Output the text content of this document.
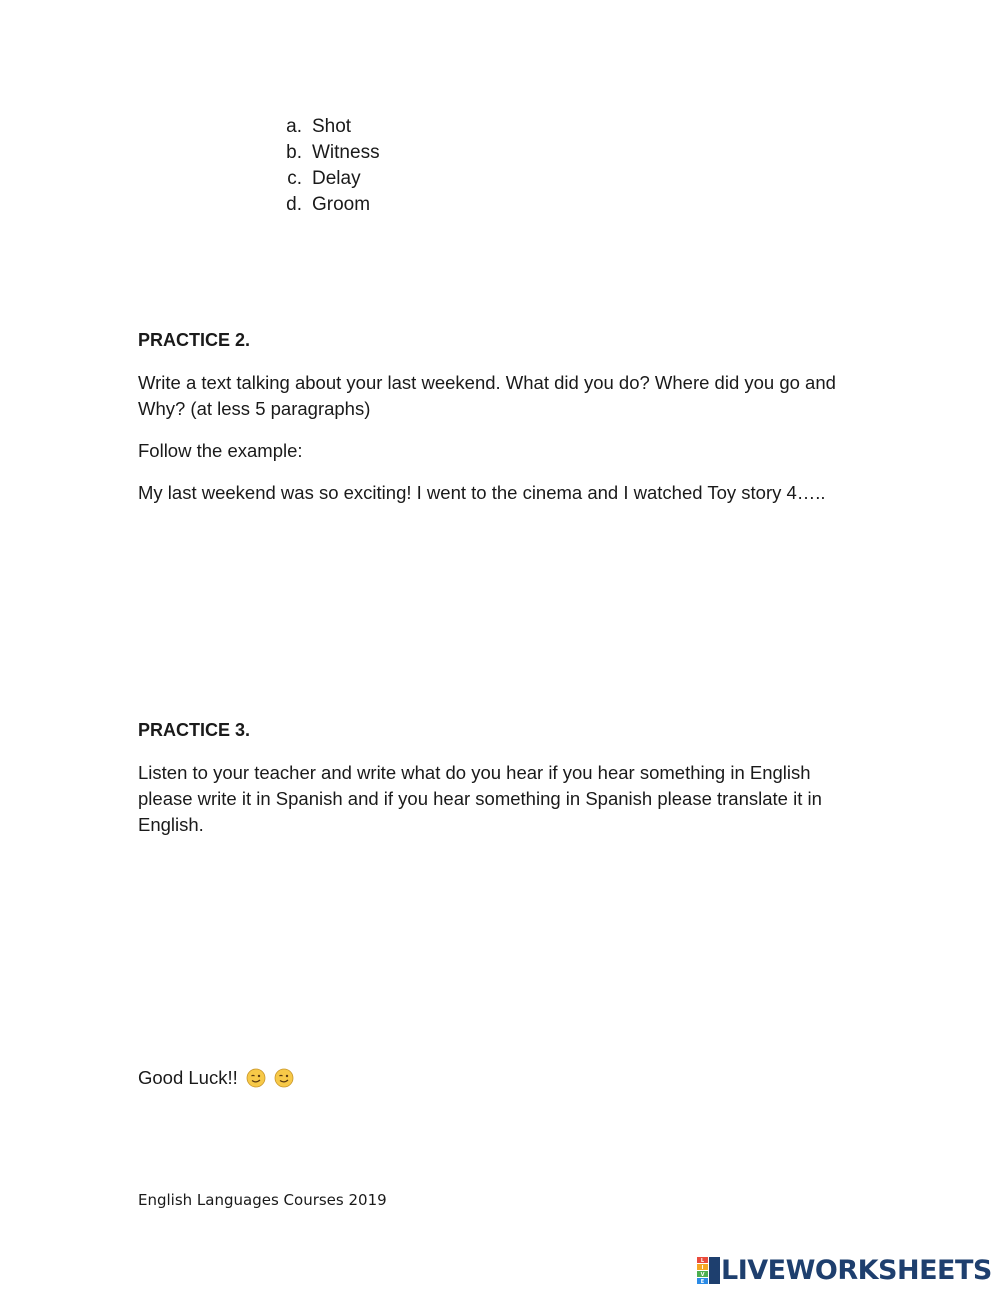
a. Shot
b. Witness
c. Delay
d. Groom
PRACTICE 2.
Write a text talking about your last weekend. What did you do? Where did you go and Why? (at less 5 paragraphs)
Follow the example:
My last weekend was so exciting! I went to the cinema and I watched Toy story 4…..
PRACTICE 3.
Listen to your teacher and write what do you hear if you hear something in English please write it in Spanish and if you hear something in Spanish please translate it in English.
Good Luck!!
English Languages Courses 2019
L
I
V
E LIVEWORKSHEETS
